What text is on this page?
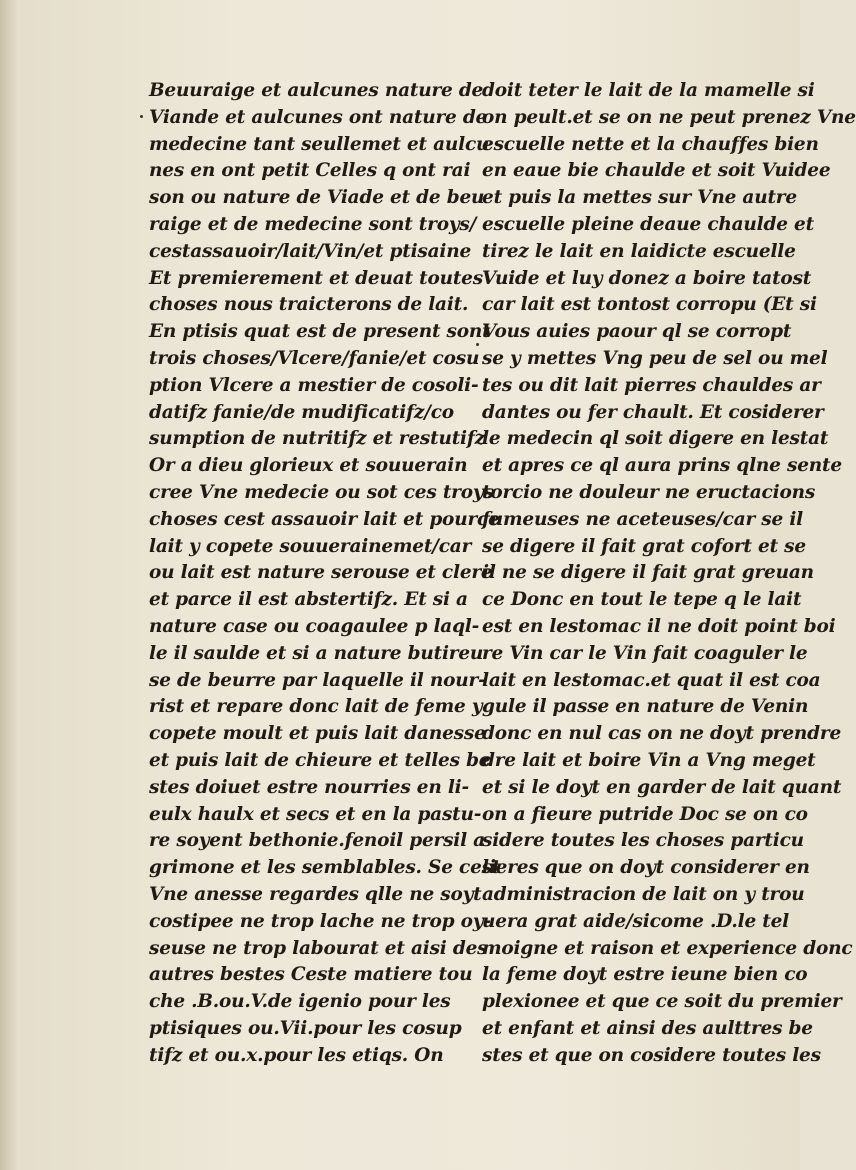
Beuuraige et aulcunes nature de
Viande et aulcunes ont nature de
medecine tant seullemet et aulcu
nes en ont petit Celles q ont rai
son ou nature de Viade et de beu
raige et de medecine sont troys/
cestassauoir/lait/Vin/et ptisaine
Et premierement et deuat toutes
choses nous traicterons de lait.
En ptisis quat est de present sont
trois choses/Vlcere/fanie/et cosu
ption Vlcere a mestier de cosoli-
datifz fanie/de mudificatifz/co
sumption de nutritifz et restutifz
Or a dieu glorieux et souuerain
cree Vne medecie ou sot ces troys
choses cest assauoir lait et pource
lait y copete souuerainemet/car
ou lait est nature serouse et clere
et parce il est abstertifz. Et si a
nature case ou coagaulee p laql-
le il saulde et si a nature butireu
se de beurre par laquelle il nour-
rist et repare donc lait de feme y
copete moult et puis lait danesse
et puis lait de chieure et telles be
stes doiuet estre nourries en li-
eulx haulx et secs et en la pastu-
re soyent bethonie.fenoil persil a
grimone et les semblables. Se cest
Vne anesse regardes qlle ne soyt
costipee ne trop lache ne trop oy-
seuse ne trop labourat et aisi des
autres bestes Ceste matiere tou
che .B.ou.V.de igenio pour les
ptisiques ou.Vii.pour les cosup
tifz et ou.x.pour les etiqs. On
doit teter le lait de la mamelle si
on peult.et se on ne peut prenez Vne
escuelle nette et la chauffes bien
en eaue bie chaulde et soit Vuidee
et puis la mettes sur Vne autre
escuelle pleine deaue chaulde et
tirez le lait en laidicte escuelle
Vuide et luy donez a boire tatost
car lait est tontost corropu (Et si
Vous auies paour ql se corropt
se y mettes Vng peu de sel ou mel
tes ou dit lait pierres chauldes ar
dantes ou fer chault. Et cosiderer
le medecin ql soit digere en lestat
et apres ce ql aura prins qlne sente
torcio ne douleur ne eructacions
fumeuses ne aceteuses/car se il
se digere il fait grat cofort et se
il ne se digere il fait grat greuan
ce Donc en tout le tepe q le lait
est en lestomac il ne doit point boi
re Vin car le Vin fait coaguler le
lait en lestomac.et quat il est coa
gule il passe en nature de Venin
donc en nul cas on ne doyt prendre
dre lait et boire Vin a Vng meget
et si le doyt en garder de lait quant
on a fieure putride Doc se on co
sidere toutes les choses particu
lieres que on doyt considerer en
administracion de lait on y trou
uera grat aide/sicome .D.le tel
moigne et raison et experience donc
la feme doyt estre ieune bien co
plexionee et que ce soit du premier
et enfant et ainsi des aulttres be
stes et que on cosidere toutes les
